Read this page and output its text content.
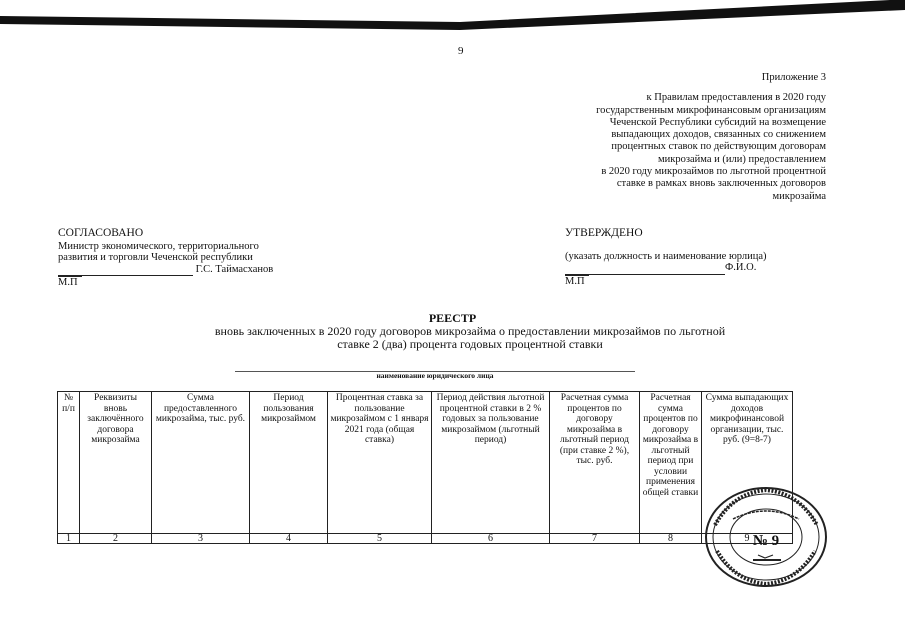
9
Приложение 3
к Правилам предоставления в 2020 году
государственным микрофинансовым организациям
Чеченской Республики субсидий на возмещение
выпадающих доходов, связанных со снижением
процентных ставок по действующим договорам
микрозайма и (или) предоставлением
в 2020 году микрозаймов по льготной процентной
ставке в рамках вновь заключенных договоров
микрозайма
СОГЛАСОВАНО
Министр экономического, территориального
развития и торговли Чеченской республики
Г.С. Таймасханов
М.П
УТВЕРЖДЕНО
(указать должность и наименование юрлица)
Ф.И.О.
М.П
РЕЕСТР
вновь заключенных в 2020 году договоров микрозайма о предоставлении микрозаймов по льготной
ставке 2 (два) процента годовых процентной ставки
наименование юридического лица
№ п/п	Реквизиты вновь заключённого договора микрозайма	Сумма предоставленного микрозайма, тыс. руб.	Период пользования микрозаймом	Процентная ставка за пользование микрозаймом с 1 января 2021 года (общая ставка)	Период действия льготной процентной ставки в 2 % годовых за пользование микрозаймом (льготный период)	Расчетная сумма процентов по договору микрозайма в льготный период (при ставке 2 %), тыс. руб.	Расчетная сумма процентов по договору микрозайма в льготный период при условии применения общей ставки	Сумма выпадающих доходов микрофинансовой организации, тыс. руб. (9=8-7)
1	2	3	4	5	6	7	8	9 № 9
